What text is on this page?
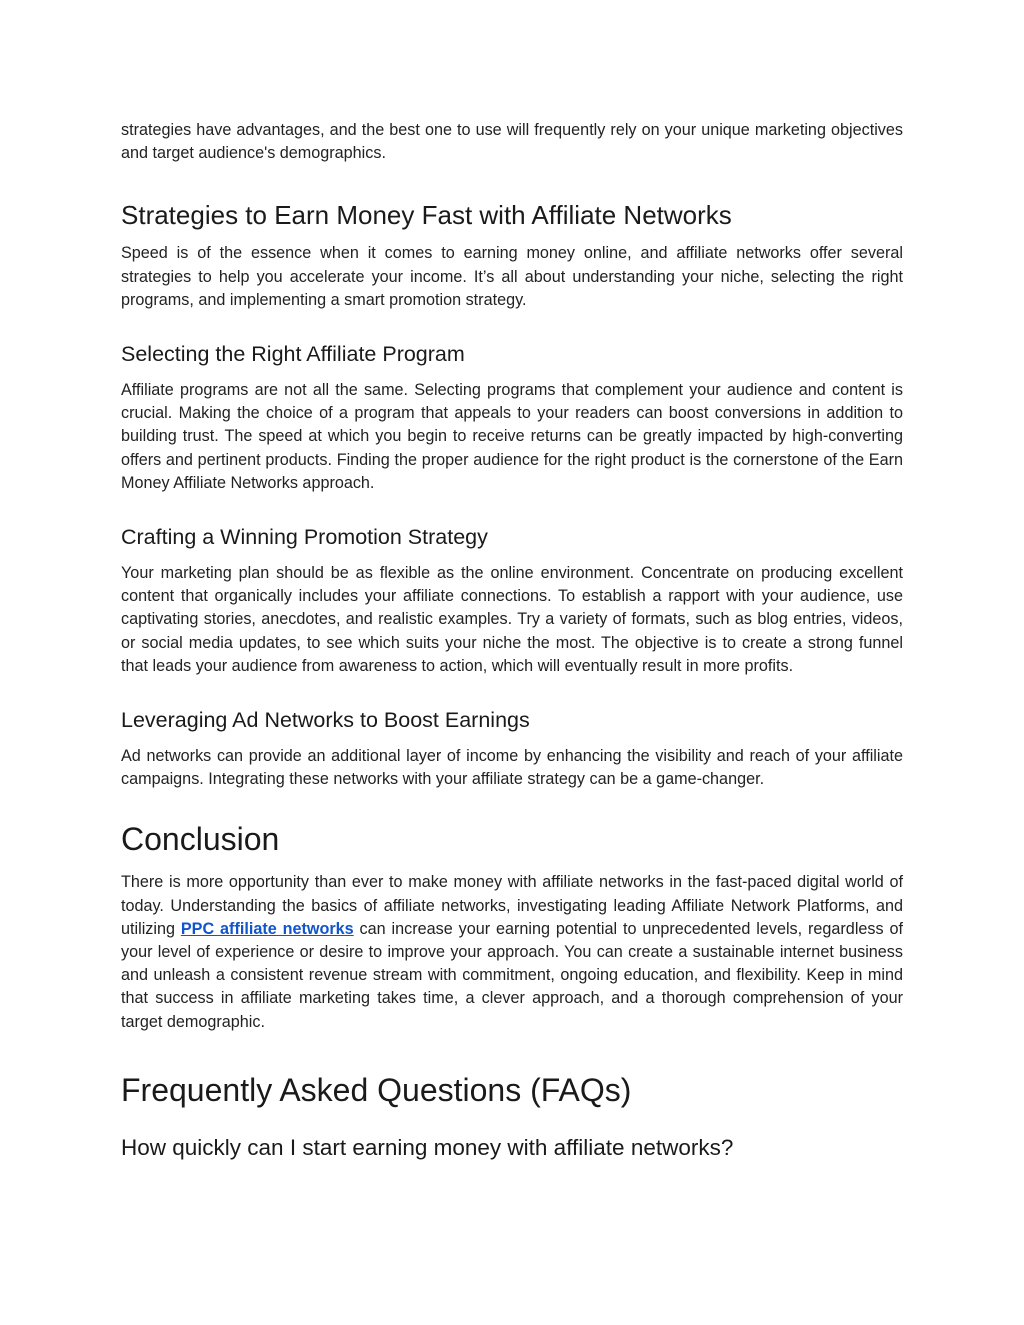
strategies have advantages, and the best one to use will frequently rely on your unique marketing objectives and target audience's demographics.

Strategies to Earn Money Fast with Affiliate Networks

Speed is of the essence when it comes to earning money online, and affiliate networks offer several strategies to help you accelerate your income. It’s all about understanding your niche, selecting the right programs, and implementing a smart promotion strategy.

Selecting the Right Affiliate Program

Affiliate programs are not all the same. Selecting programs that complement your audience and content is crucial. Making the choice of a program that appeals to your readers can boost conversions in addition to building trust. The speed at which you begin to receive returns can be greatly impacted by high-converting offers and pertinent products. Finding the proper audience for the right product is the cornerstone of the Earn Money Affiliate Networks approach.

Crafting a Winning Promotion Strategy

Your marketing plan should be as flexible as the online environment. Concentrate on producing excellent content that organically includes your affiliate connections. To establish a rapport with your audience, use captivating stories, anecdotes, and realistic examples. Try a variety of formats, such as blog entries, videos, or social media updates, to see which suits your niche the most. The objective is to create a strong funnel that leads your audience from awareness to action, which will eventually result in more profits.

Leveraging Ad Networks to Boost Earnings

Ad networks can provide an additional layer of income by enhancing the visibility and reach of your affiliate campaigns. Integrating these networks with your affiliate strategy can be a game-changer.

Conclusion

There is more opportunity than ever to make money with affiliate networks in the fast-paced digital world of today. Understanding the basics of affiliate networks, investigating leading Affiliate Network Platforms, and utilizing PPC affiliate networks can increase your earning potential to unprecedented levels, regardless of your level of experience or desire to improve your approach. You can create a sustainable internet business and unleash a consistent revenue stream with commitment, ongoing education, and flexibility. Keep in mind that success in affiliate marketing takes time, a clever approach, and a thorough comprehension of your target demographic.

Frequently Asked Questions (FAQs)
How quickly can I start earning money with affiliate networks?
